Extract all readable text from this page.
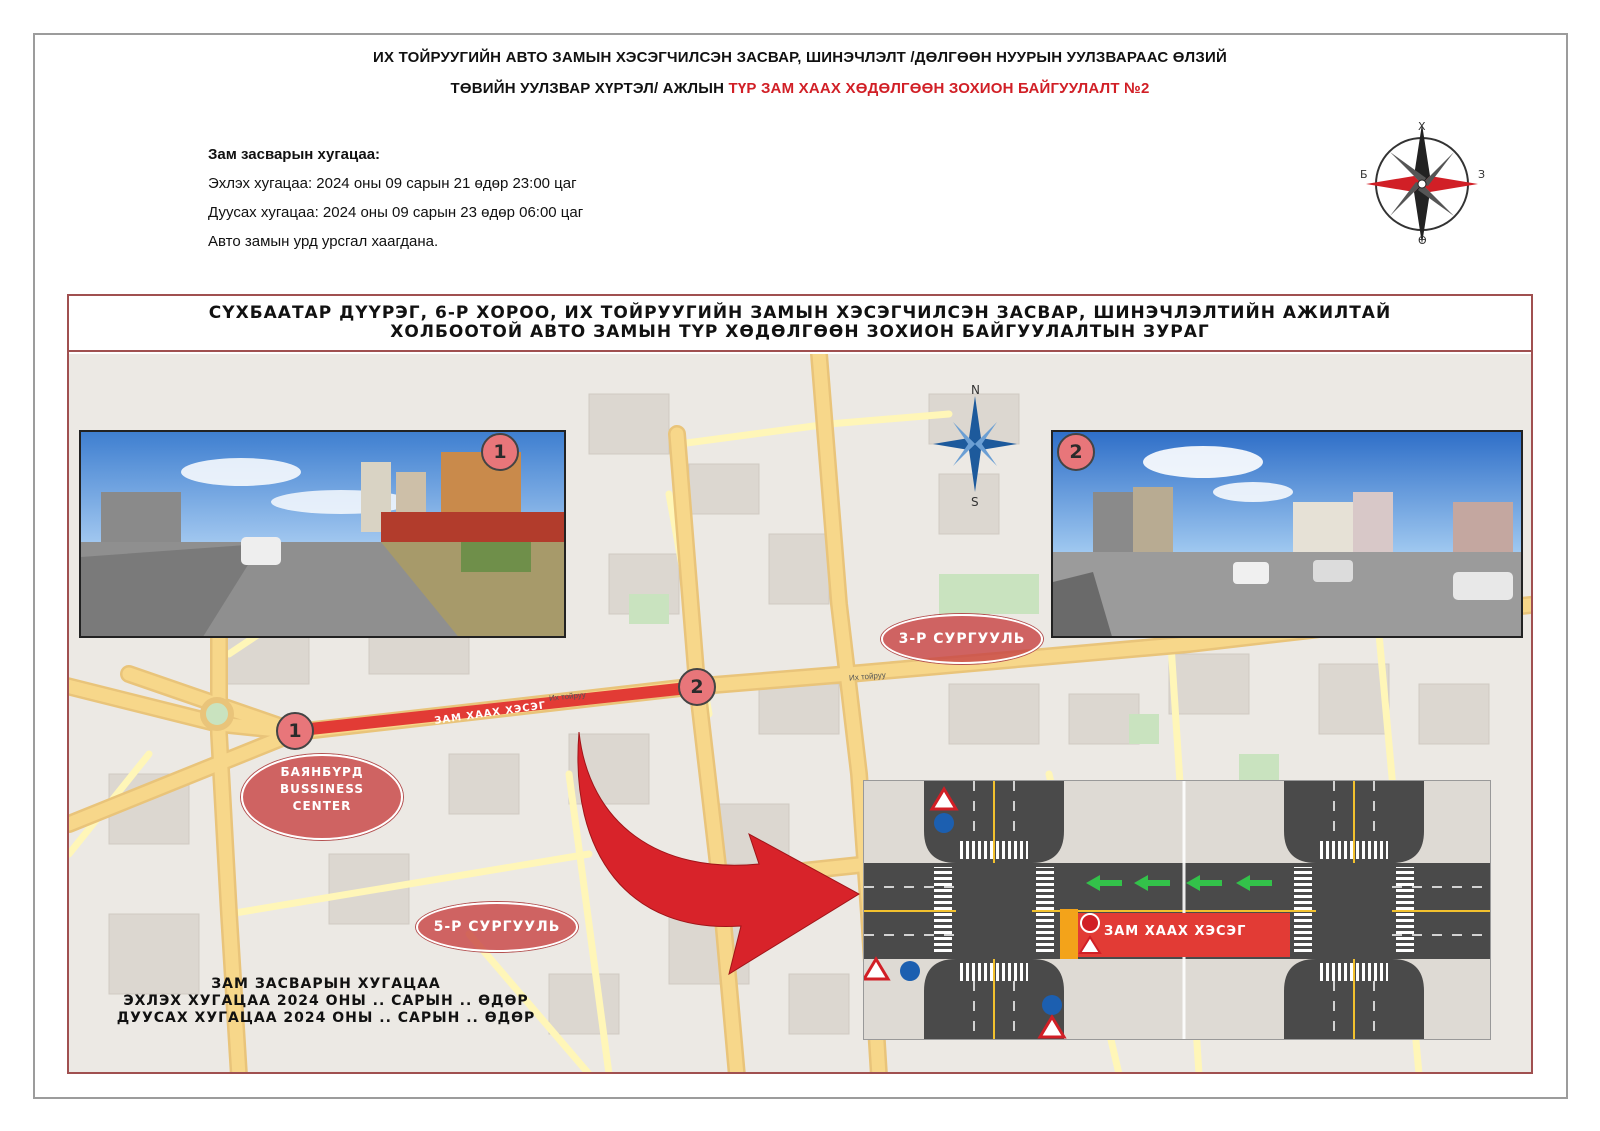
ИХ ТОЙРУУГИЙН АВТО ЗАМЫН ХЭСЭГЧИЛСЭН ЗАСВАР, ШИНЭЧЛЭЛТ /ДӨЛГӨӨН НУУРЫН УУЛЗВАРААС ӨЛЗИЙ
ТӨВИЙН УУЛЗВАР ХҮРТЭЛ/ АЖЛЫН ТҮР ЗАМ ХААХ ХӨДӨЛГӨӨН ЗОХИОН БАЙГУУЛАЛТ №2
Зам засварын хугацаа:
Эхлэх хугацаа: 2024 оны 09 сарын 21 өдөр 23:00 цаг
Дуусах хугацаа: 2024 оны 09 сарын 23 өдөр 06:00 цаг
Авто замын урд урсгал хаагдана.
Х
Ө
Б	З
СҮХБААТАР ДҮҮРЭГ, 6-Р ХОРОО, ИХ ТОЙРУУГИЙН ЗАМЫН ХЭСЭГЧИЛСЭН ЗАСВАР, ШИНЭЧЛЭЛТИЙН АЖИЛТАЙ
ХОЛБООТОЙ АВТО ЗАМЫН ТҮР ХӨДӨЛГӨӨН ЗОХИОН БАЙГУУЛАЛТЫН ЗУРАГ
N
S
Их тойруу
Их тойруу
ЗАМ ХААХ ХЭСЭГ
1	2
1
2
3-Р СУРГУУЛЬ
5-Р СУРГУУЛЬ
БАЯНБҮРД
BUSSINESS
CENTER
ЗАМ ЗАСВАРЫН ХУГАЦАА
ЭХЛЭХ ХУГАЦАА 2024 ОНЫ .. САРЫН .. ӨДӨР
ДУУСАХ ХУГАЦАА 2024 ОНЫ .. САРЫН .. ӨДӨР
ЗАМ ХААХ ХЭСЭГ
